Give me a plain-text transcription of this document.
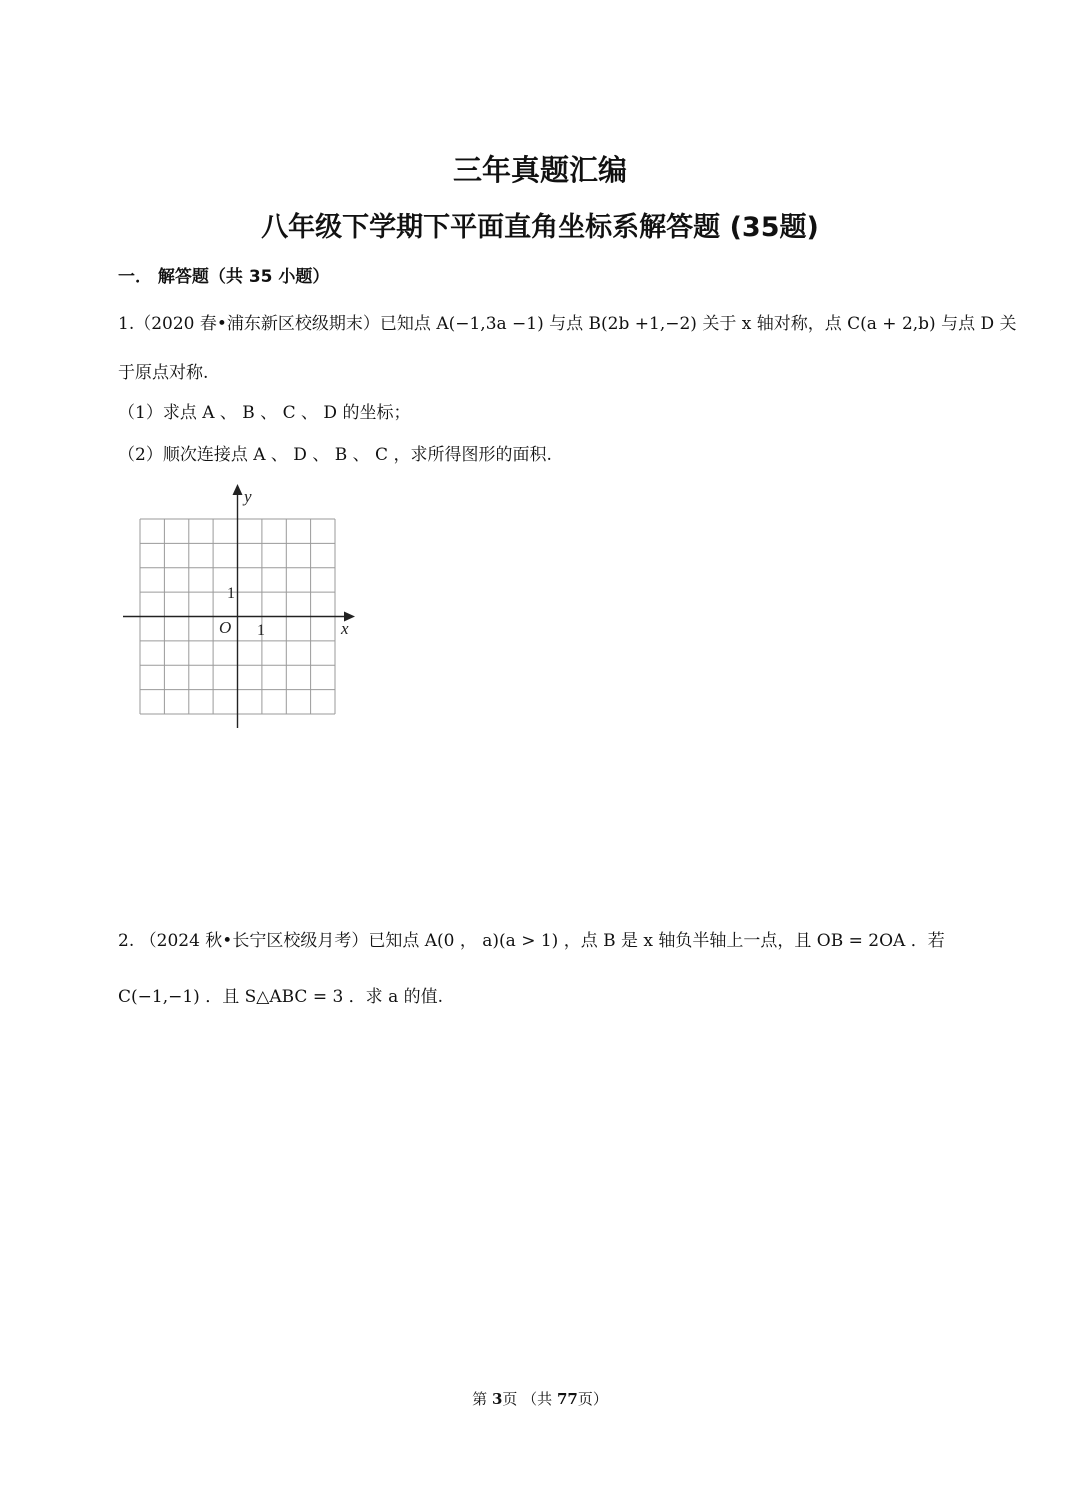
三年真题汇编
八年级下学期下平面直角坐标系解答题 (35题)
一． 解答题（共 35 小题）
1.（2020 春•浦东新区校级期末）已知点 A(−1,3a −1) 与点 B(2b +1,−2) 关于 x 轴对称，点 C(a + 2,b) 与点 D 关
于原点对称.
（1）求点 A 、 B 、 C 、 D 的坐标；
（2）顺次连接点 A 、 D 、 B 、 C ，求所得图形的面积.
y
x
O
1
1
2. （2024 秋•长宁区校级月考）已知点 A(0 ， a)(a > 1) ，点 B 是 x 轴负半轴上一点，且 OB = 2OA ．若
C(−1,−1) ．且 S△ABC = 3 ．求 a 的值.
第 3页 （共 77页）
